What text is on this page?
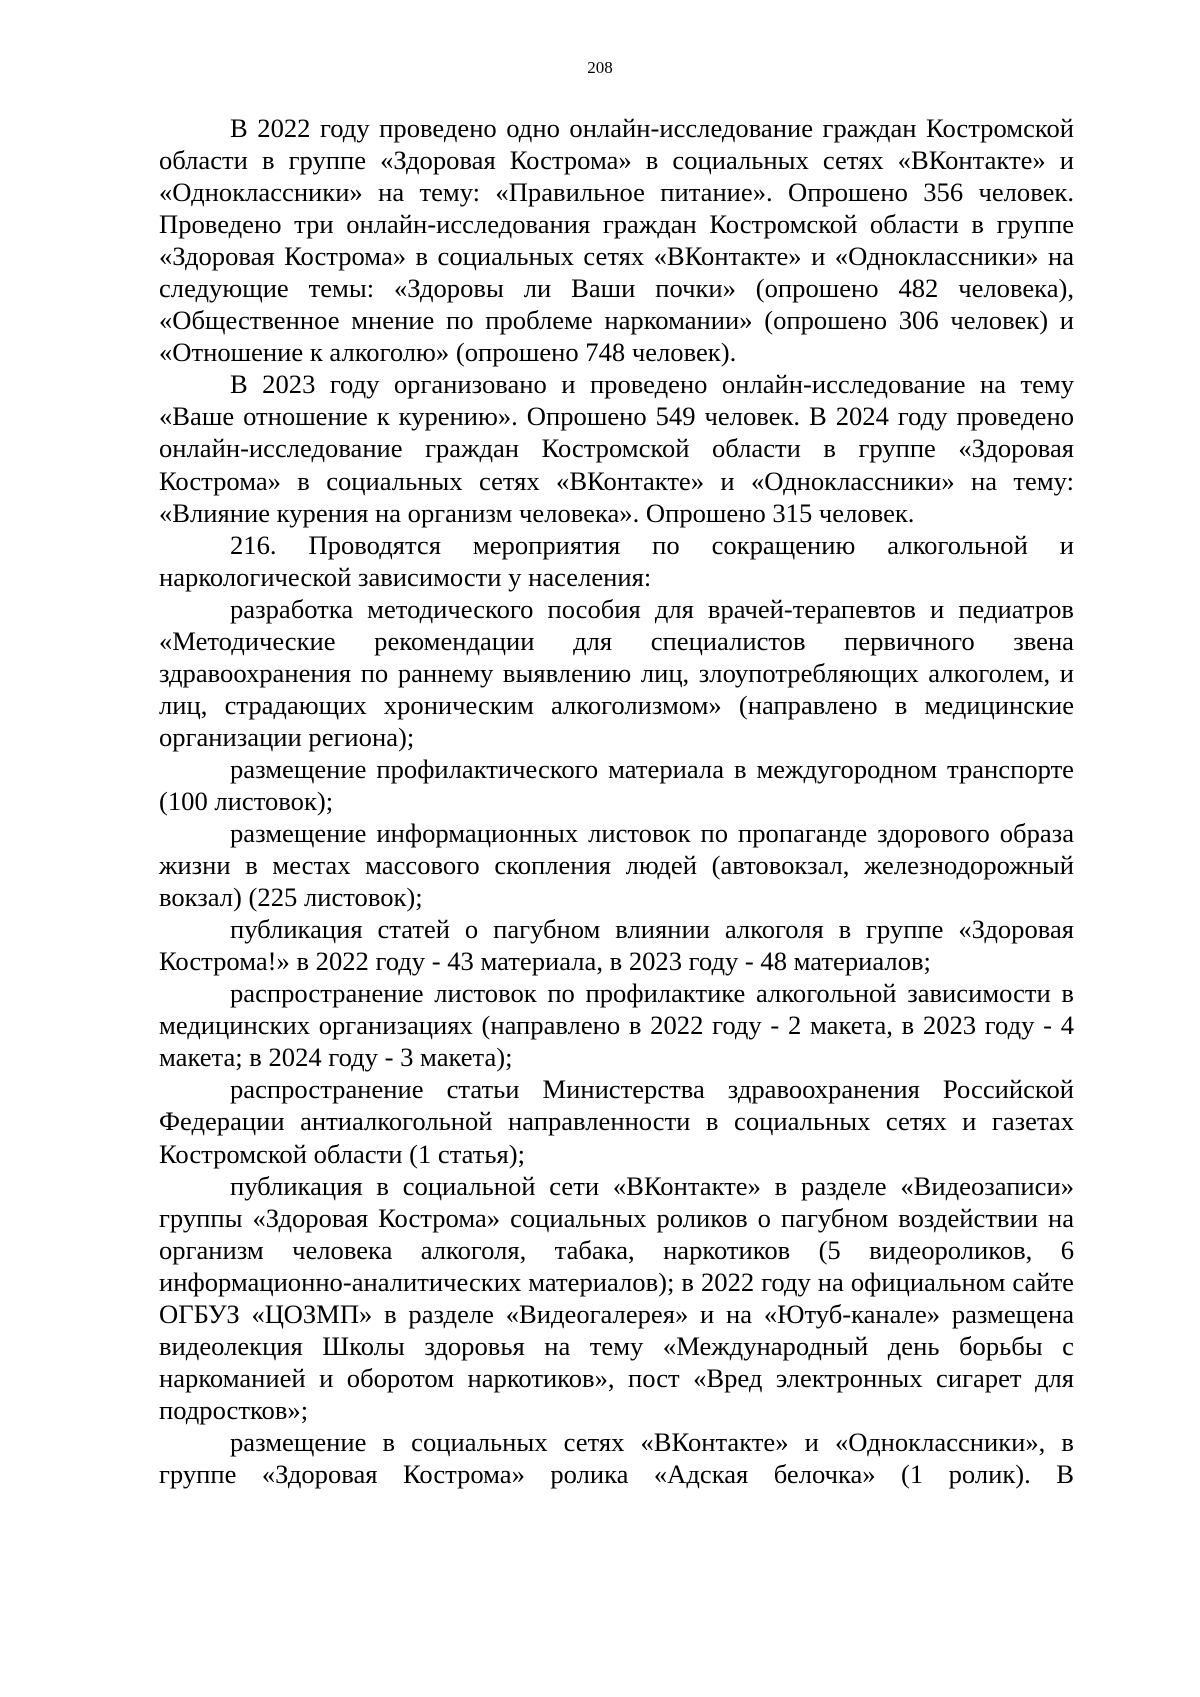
208

В 2022 году проведено одно онлайн-исследование граждан Костромской области в группе «Здоровая Кострома» в социальных сетях «ВКонтакте» и «Одноклассники» на тему: «Правильное питание». Опрошено 356 человек. Проведено три онлайн-исследования граждан Костромской области в группе «Здоровая Кострома» в социальных сетях «ВКонтакте» и «Одноклассники» на следующие темы: «Здоровы ли Ваши почки» (опрошено 482 человека), «Общественное мнение по проблеме наркомании» (опрошено 306 человек) и «Отношение к алкоголю» (опрошено 748 человек).

В 2023 году организовано и проведено онлайн-исследование на тему «Ваше отношение к курению». Опрошено 549 человек. В 2024 году проведено онлайн-исследование граждан Костромской области в группе «Здоровая Кострома» в социальных сетях «ВКонтакте» и «Одноклассники» на тему: «Влияние курения на организм человека». Опрошено 315 человек.

216. Проводятся мероприятия по сокращению алкогольной и наркологической зависимости у населения:

разработка методического пособия для врачей-терапевтов и педиатров «Методические рекомендации для специалистов первичного звена здравоохранения по раннему выявлению лиц, злоупотребляющих алкоголем, и лиц, страдающих хроническим алкоголизмом» (направлено в медицинские организации региона);

размещение профилактического материала в междугородном транспорте (100 листовок);

размещение информационных листовок по пропаганде здорового образа жизни в местах массового скопления людей (автовокзал, железнодорожный вокзал) (225 листовок);

публикация статей о пагубном влиянии алкоголя в группе «Здоровая Кострома!» в 2022 году - 43 материала, в 2023 году - 48 материалов;

распространение листовок по профилактике алкогольной зависимости в медицинских организациях (направлено в 2022 году - 2 макета, в 2023 году - 4 макета; в 2024 году - 3 макета);

распространение статьи Министерства здравоохранения Российской Федерации антиалкогольной направленности в социальных сетях и газетах Костромской области (1 статья);

публикация в социальной сети «ВКонтакте» в разделе «Видеозаписи» группы «Здоровая Кострома» социальных роликов о пагубном воздействии на организм человека алкоголя, табака, наркотиков (5 видеороликов, 6 информационно-аналитических материалов); в 2022 году на официальном сайте ОГБУЗ «ЦОЗМП» в разделе «Видеогалерея» и на «Ютуб-канале» размещена видеолекция Школы здоровья на тему «Международный день борьбы с наркоманией и оборотом наркотиков», пост «Вред электронных сигарет для подростков»;

размещение в социальных сетях «ВКонтакте» и «Одноклассники», в группе «Здоровая Кострома» ролика «Адская белочка» (1 ролик). В
